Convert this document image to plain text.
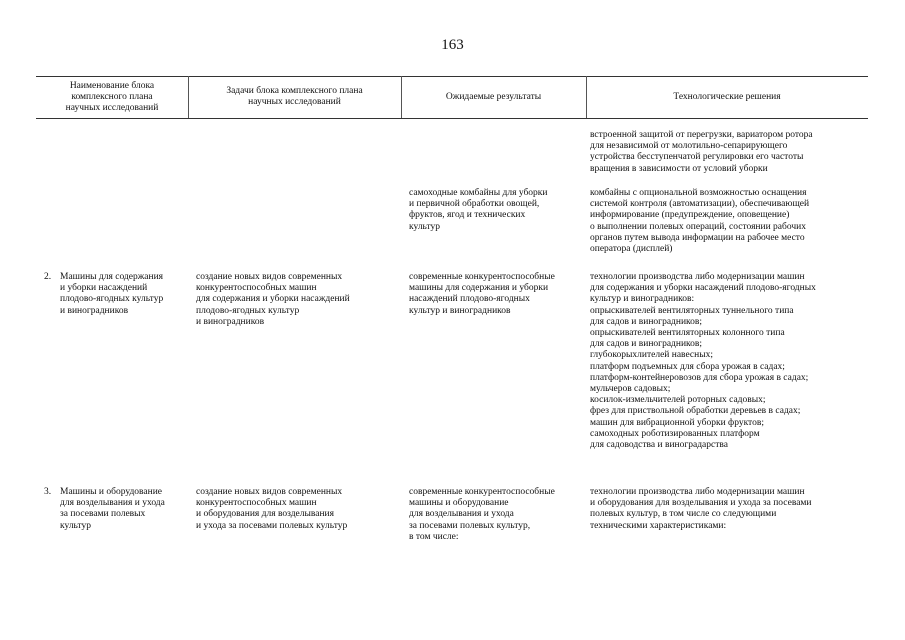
163
Наименование блока
комплексного плана
научных исследований
Задачи блока комплексного плана
научных исследований
Ожидаемые результаты	Технологические решения
встроенной защитой от перегрузки, вариатором ротора
для независимой от молотильно-сепарирующего
устройства бесступенчатой регулировки его частоты
вращения в зависимости от условий уборки
самоходные комбайны для уборки
и первичной обработки овощей,
фруктов, ягод и технических
культур
комбайны с опциональной возможностью оснащения
системой контроля (автоматизации), обеспечивающей
информирование (предупреждение, оповещение)
о выполнении полевых операций, состоянии рабочих
органов путем вывода информации на рабочее место
оператора (дисплей)
2. Машины для содержания
и уборки насаждений
плодово-ягодных культур
и виноградников
создание новых видов современных
конкурентоспособных машин
для содержания и уборки насаждений
плодово-ягодных культур
и виноградников
современные конкурентоспособные
машины для содержания и уборки
насаждений плодово-ягодных
культур и виноградников
технологии производства либо модернизации машин
для содержания и уборки насаждений плодово-ягодных
культур и виноградников:
опрыскивателей вентиляторных туннельного типа
для садов и виноградников;
опрыскивателей вентиляторных колонного типа
для садов и виноградников;
глубокорыхлителей навесных;
платформ подъемных для сбора урожая в садах;
платформ-контейнеровозов для сбора урожая в садах;
мульчеров садовых;
косилок-измельчителей роторных садовых;
фрез для приствольной обработки деревьев в садах;
машин для вибрационной уборки фруктов;
самоходных роботизированных платформ
для садоводства и виноградарства
3. Машины и оборудование
для возделывания и ухода
за посевами полевых
культур
создание новых видов современных
конкурентоспособных машин
и оборудования для возделывания
и ухода за посевами полевых культур
современные конкурентоспособные
машины и оборудование
для возделывания и ухода
за посевами полевых культур,
в том числе:
технологии производства либо модернизации машин
и оборудования для возделывания и ухода за посевами
полевых культур, в том числе со следующими
техническими характеристиками:
